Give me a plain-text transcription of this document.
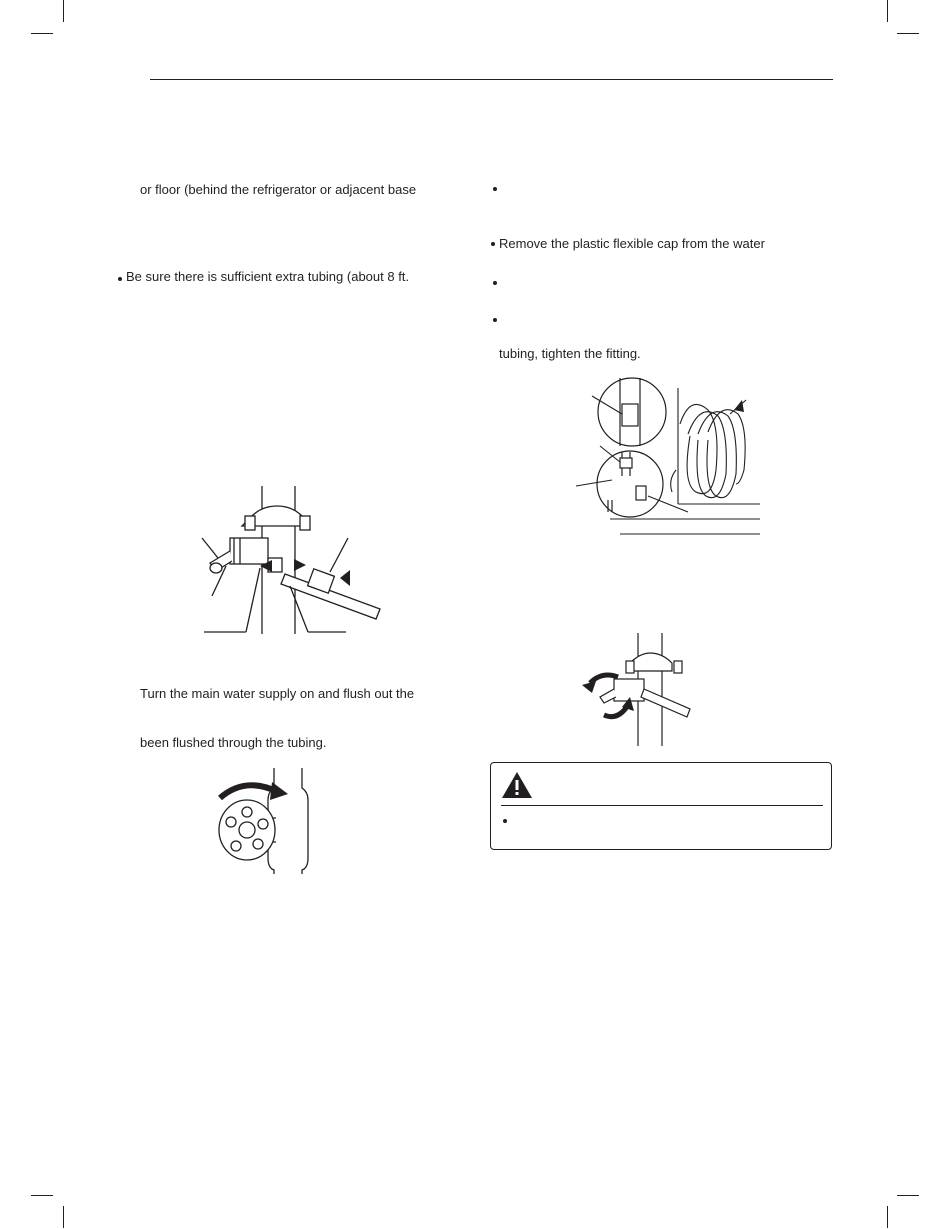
or floor (behind the refrigerator or adjacent base
Be sure there is sufficient extra tubing (about 8 ft.
Turn the main water supply on and flush out the
been flushed through the tubing.
Remove the plastic flexible cap from the water
tubing, tighten the fitting.
